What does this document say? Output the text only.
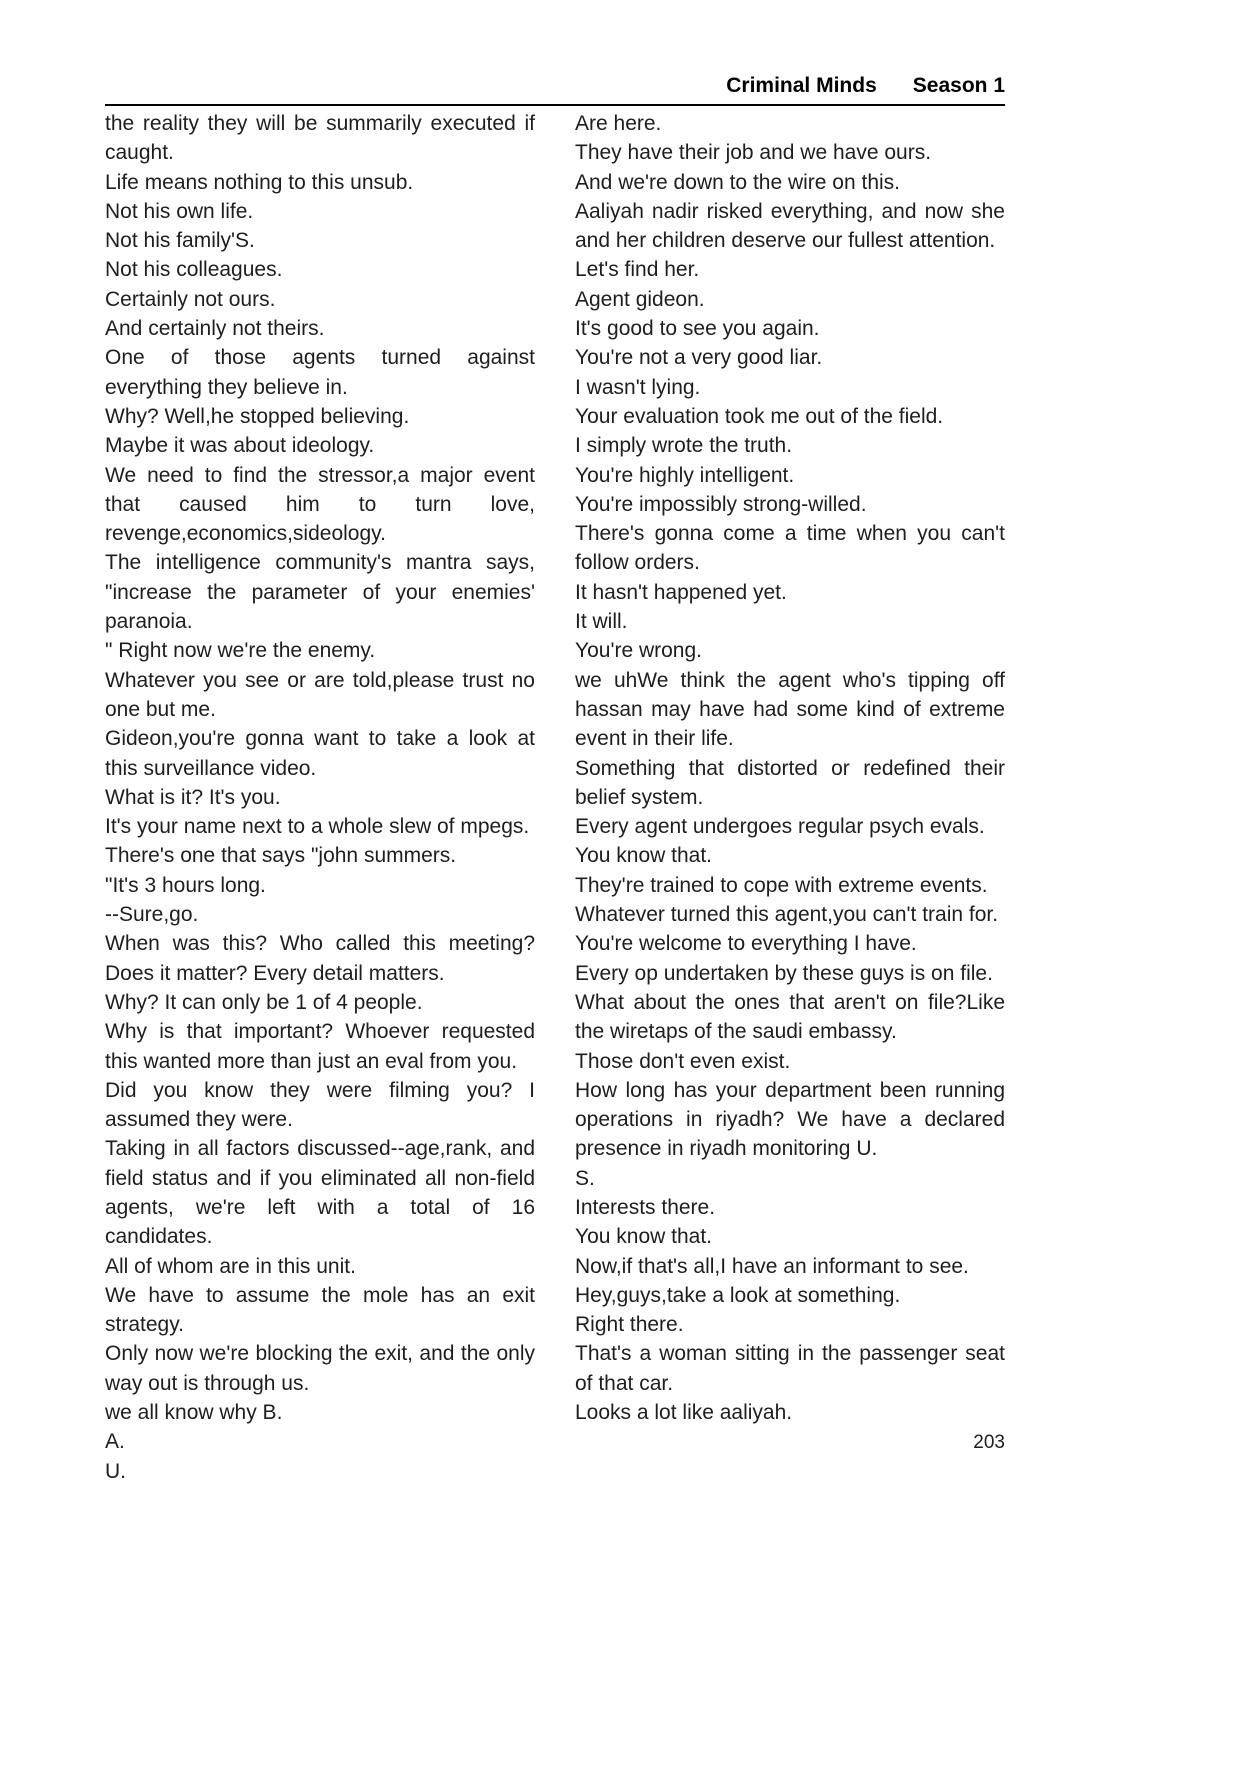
Criminal Minds Season 1

the reality they will be summarily executed if caught.

Life means nothing to this unsub.

Not his own life.

Not his family'S.

Not his colleagues.

Certainly not ours.

And certainly not theirs.

One of those agents turned against everything they believe in.

Why? Well,he stopped believing.

Maybe it was about ideology.

We need to find the stressor,a major event that caused him to turn love, revenge,economics,sideology.

The intelligence community's mantra says, "increase the parameter of your enemies' paranoia.

" Right now we're the enemy.

Whatever you see or are told,please trust no one but me.

Gideon,you're gonna want to take a look at this surveillance video.

What is it? It's you.

It's your name next to a whole slew of mpegs.

There's one that says "john summers.

"It's 3 hours long.

--Sure,go.

When was this? Who called this meeting? Does it matter? Every detail matters.

Why? It can only be 1 of 4 people.

Why is that important? Whoever requested this wanted more than just an eval from you.

Did you know they were filming you? I assumed they were.

Taking in all factors discussed--age,rank, and field status and if you eliminated all non-field agents, we're left with a total of 16 candidates.

All of whom are in this unit.

We have to assume the mole has an exit strategy.

Only now we're blocking the exit, and the only way out is through us.

we all know why B.

A.

U.

Are here.

They have their job and we have ours.

And we're down to the wire on this.

Aaliyah nadir risked everything, and now she and her children deserve our fullest attention.

Let's find her.

Agent gideon.

It's good to see you again.

You're not a very good liar.

I wasn't lying.

Your evaluation took me out of the field.

I simply wrote the truth.

You're highly intelligent.

You're impossibly strong-willed.

There's gonna come a time when you can't follow orders.

It hasn't happened yet.

It will.

You're wrong.

we uhWe think the agent who's tipping off hassan may have had some kind of extreme event in their life.

Something that distorted or redefined their belief system.

Every agent undergoes regular psych evals.

You know that.

They're trained to cope with extreme events.

Whatever turned this agent,you can't train for.

You're welcome to everything I have.

Every op undertaken by these guys is on file.

What about the ones that aren't on file?Like the wiretaps of the saudi embassy.

Those don't even exist.

How long has your department been running operations in riyadh? We have a declared presence in riyadh monitoring U.

S.

Interests there.

You know that.

Now,if that's all,I have an informant to see.

Hey,guys,take a look at something.

Right there.

That's a woman sitting in the passenger seat of that car.

Looks a lot like aaliyah.

203
